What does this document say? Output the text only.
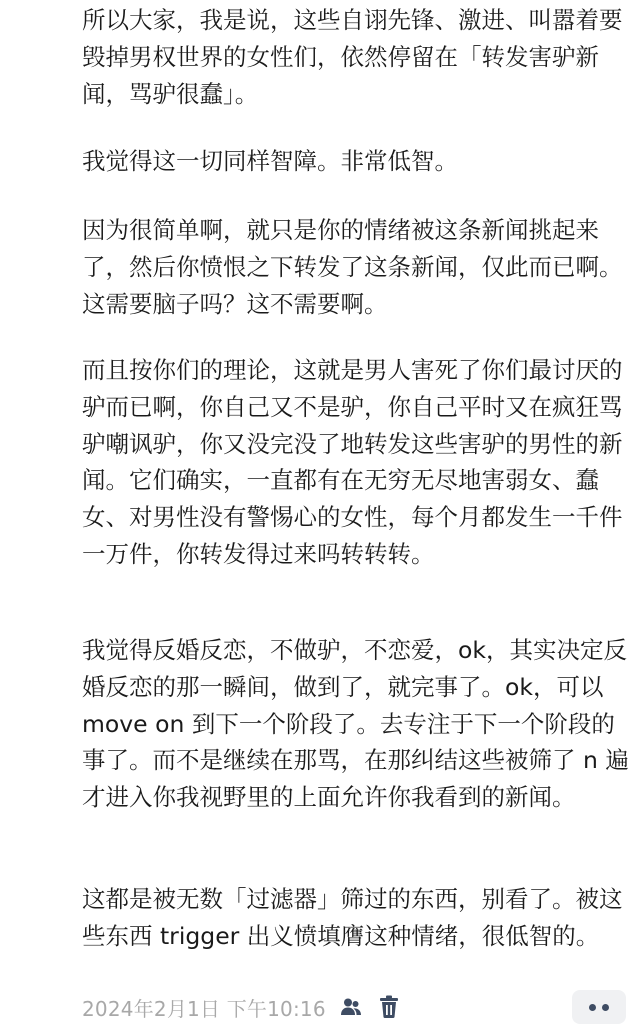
所以大家，我是说，这些自诩先锋、激进、叫嚣着要毁掉男权世界的女性们，依然停留在「转发害驴新闻，骂驴很蠢」。

我觉得这一切同样智障。非常低智。

因为很简单啊，就只是你的情绪被这条新闻挑起来了，然后你愤恨之下转发了这条新闻，仅此而已啊。这需要脑子吗？这不需要啊。

而且按你们的理论，这就是男人害死了你们最讨厌的驴而已啊，你自己又不是驴，你自己平时又在疯狂骂驴嘲讽驴，你又没完没了地转发这些害驴的男性的新闻。它们确实，一直都有在无穷无尽地害弱女、蠢女、对男性没有警惕心的女性，每个月都发生一千件一万件，你转发得过来吗转转转。

我觉得反婚反恋，不做驴，不恋爱，ok，其实决定反婚反恋的那一瞬间，做到了，就完事了。ok，可以 move on 到下一个阶段了。去专注于下一个阶段的事了。而不是继续在那骂，在那纠结这些被筛了 n 遍才进入你我视野里的上面允许你我看到的新闻。

这都是被无数「过滤器」筛过的东西，别看了。被这些东西 trigger 出义愤填膺这种情绪，很低智的。

2024年2月1日 下午10:16
